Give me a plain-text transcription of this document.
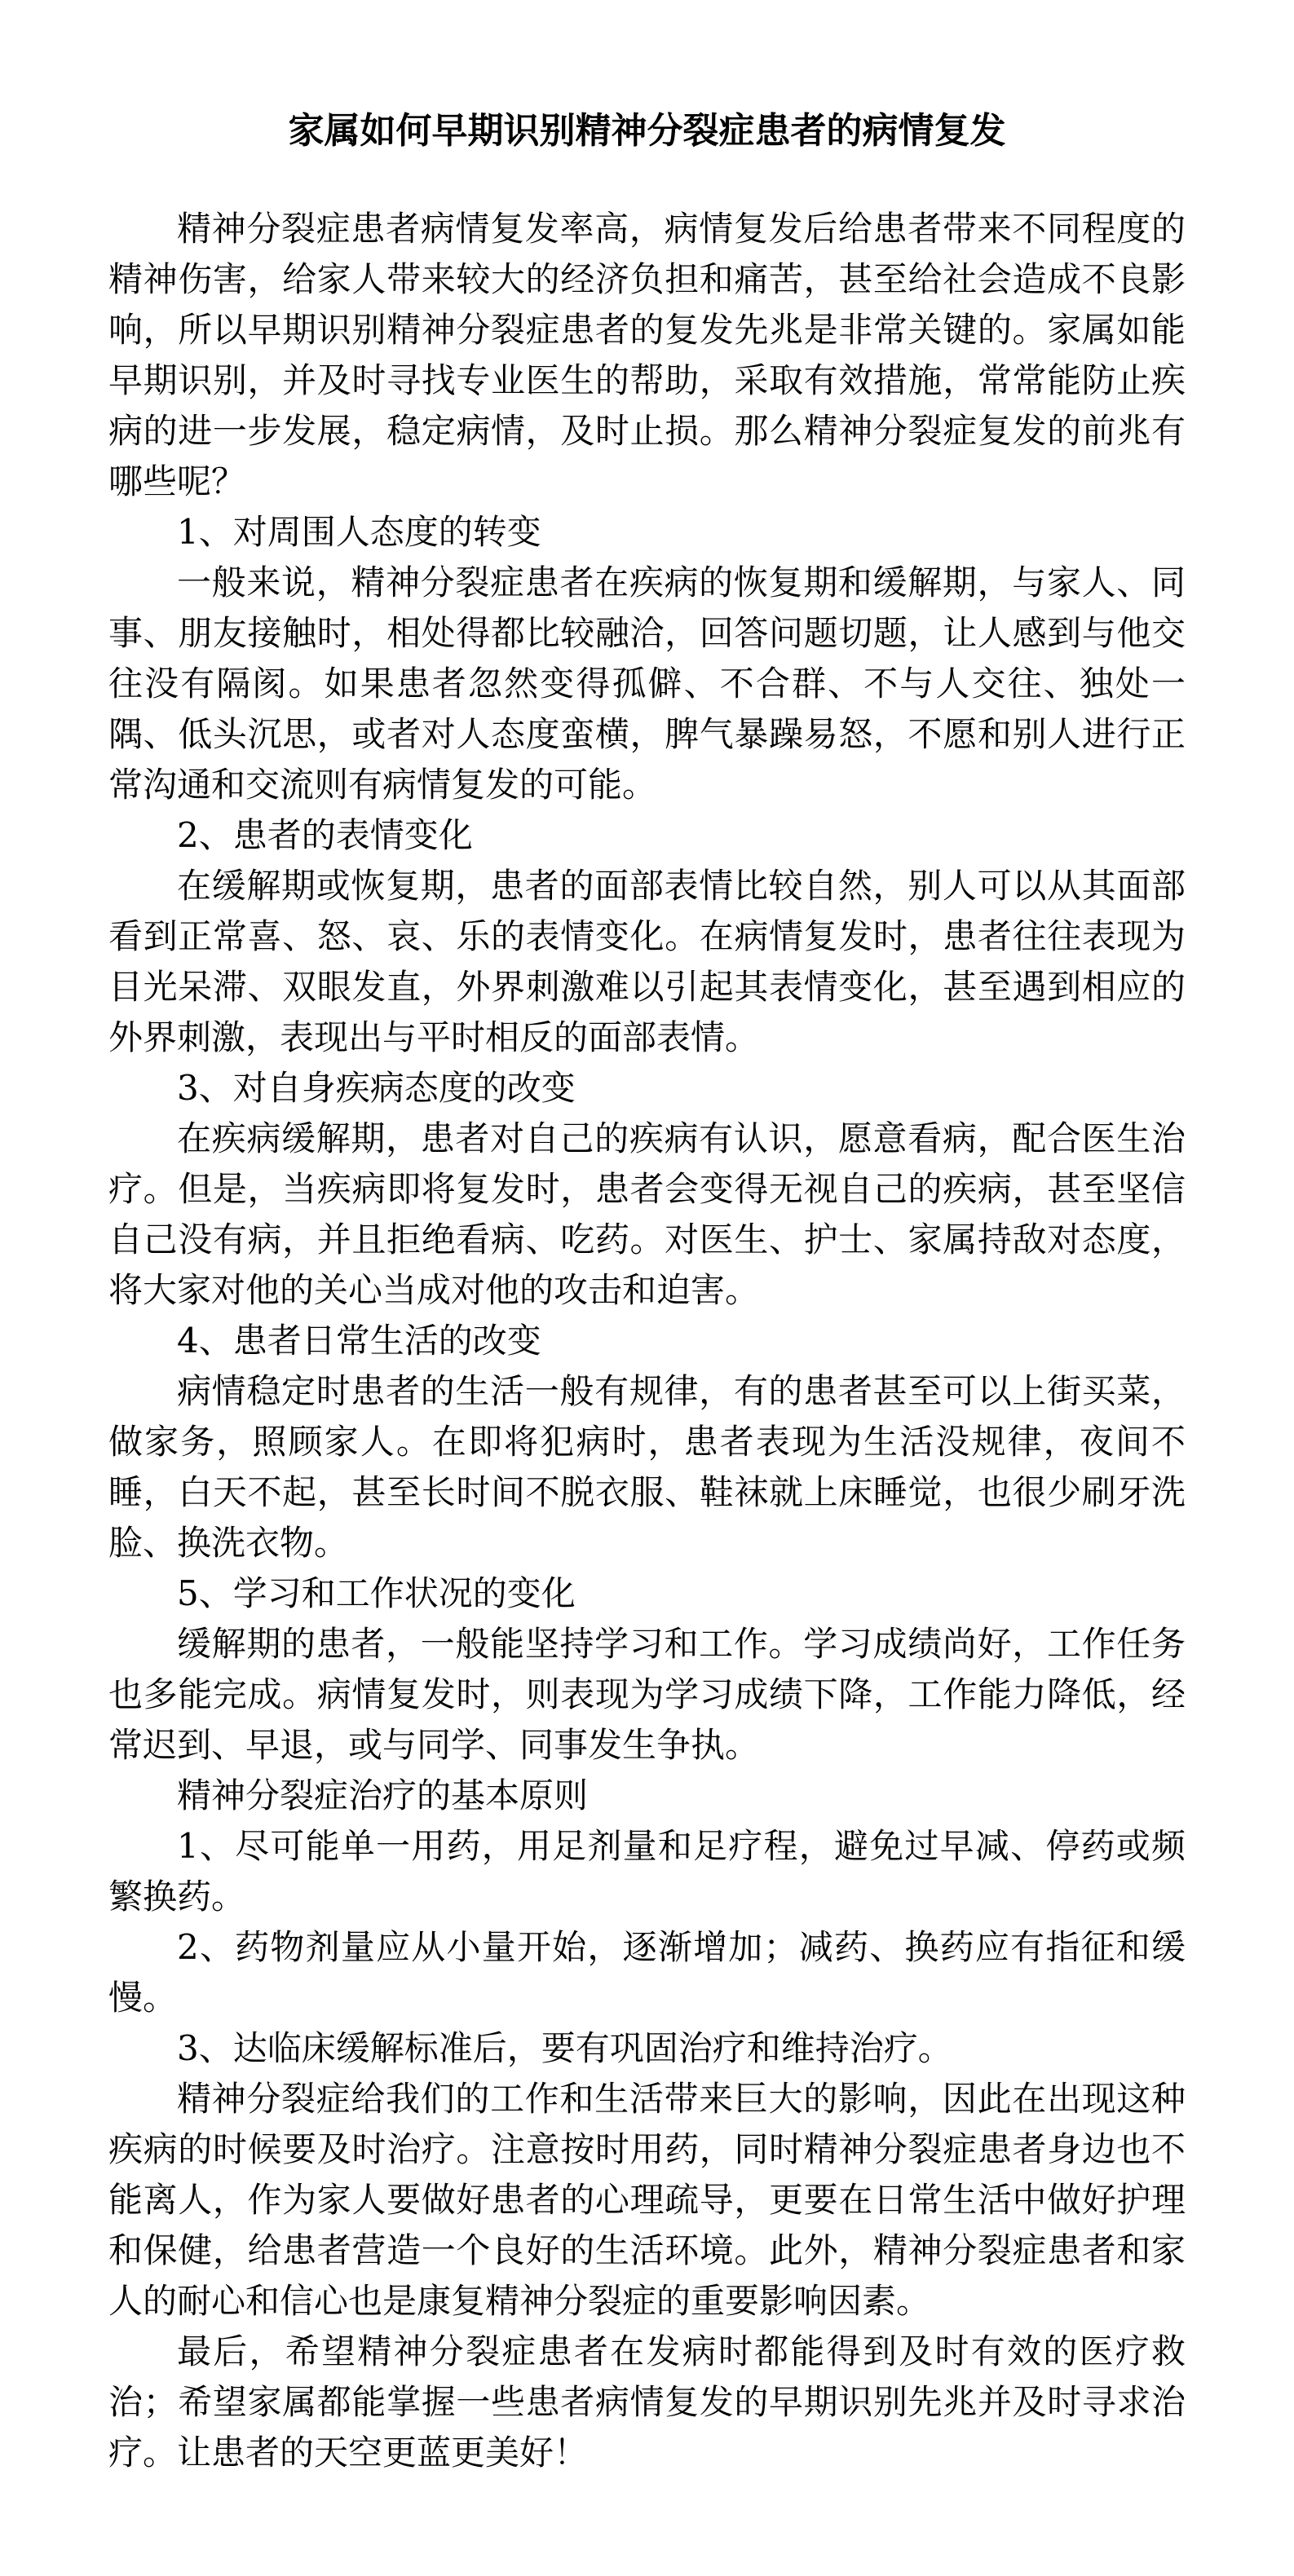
家属如何早期识别精神分裂症患者的病情复发

精神分裂症患者病情复发率高，病情复发后给患者带来不同程度的精神伤害，给家人带来较大的经济负担和痛苦，甚至给社会造成不良影响，所以早期识别精神分裂症患者的复发先兆是非常关键的。家属如能早期识别，并及时寻找专业医生的帮助，采取有效措施，常常能防止疾病的进一步发展，稳定病情，及时止损。那么精神分裂症复发的前兆有哪些呢？

1、对周围人态度的转变

一般来说，精神分裂症患者在疾病的恢复期和缓解期，与家人、同事、朋友接触时，相处得都比较融洽，回答问题切题，让人感到与他交往没有隔阂。如果患者忽然变得孤僻、不合群、不与人交往、独处一隅、低头沉思，或者对人态度蛮横，脾气暴躁易怒，不愿和别人进行正常沟通和交流则有病情复发的可能。

2、患者的表情变化

在缓解期或恢复期，患者的面部表情比较自然，别人可以从其面部看到正常喜、怒、哀、乐的表情变化。在病情复发时，患者往往表现为目光呆滞、双眼发直，外界刺激难以引起其表情变化，甚至遇到相应的外界刺激，表现出与平时相反的面部表情。

3、对自身疾病态度的改变

在疾病缓解期，患者对自己的疾病有认识，愿意看病，配合医生治疗。但是，当疾病即将复发时，患者会变得无视自己的疾病，甚至坚信自己没有病，并且拒绝看病、吃药。对医生、护士、家属持敌对态度，将大家对他的关心当成对他的攻击和迫害。

4、患者日常生活的改变

病情稳定时患者的生活一般有规律，有的患者甚至可以上街买菜，做家务，照顾家人。在即将犯病时，患者表现为生活没规律，夜间不睡，白天不起，甚至长时间不脱衣服、鞋袜就上床睡觉，也很少刷牙洗脸、换洗衣物。

5、学习和工作状况的变化

缓解期的患者，一般能坚持学习和工作。学习成绩尚好，工作任务也多能完成。病情复发时，则表现为学习成绩下降，工作能力降低，经常迟到、早退，或与同学、同事发生争执。

精神分裂症治疗的基本原则

1、尽可能单一用药，用足剂量和足疗程，避免过早减、停药或频繁换药。

2、药物剂量应从小量开始，逐渐增加；减药、换药应有指征和缓慢。

3、达临床缓解标准后，要有巩固治疗和维持治疗。

精神分裂症给我们的工作和生活带来巨大的影响，因此在出现这种疾病的时候要及时治疗。注意按时用药，同时精神分裂症患者身边也不能离人，作为家人要做好患者的心理疏导，更要在日常生活中做好护理和保健，给患者营造一个良好的生活环境。此外，精神分裂症患者和家人的耐心和信心也是康复精神分裂症的重要影响因素。

最后，希望精神分裂症患者在发病时都能得到及时有效的医疗救治；希望家属都能掌握一些患者病情复发的早期识别先兆并及时寻求治疗。让患者的天空更蓝更美好！
